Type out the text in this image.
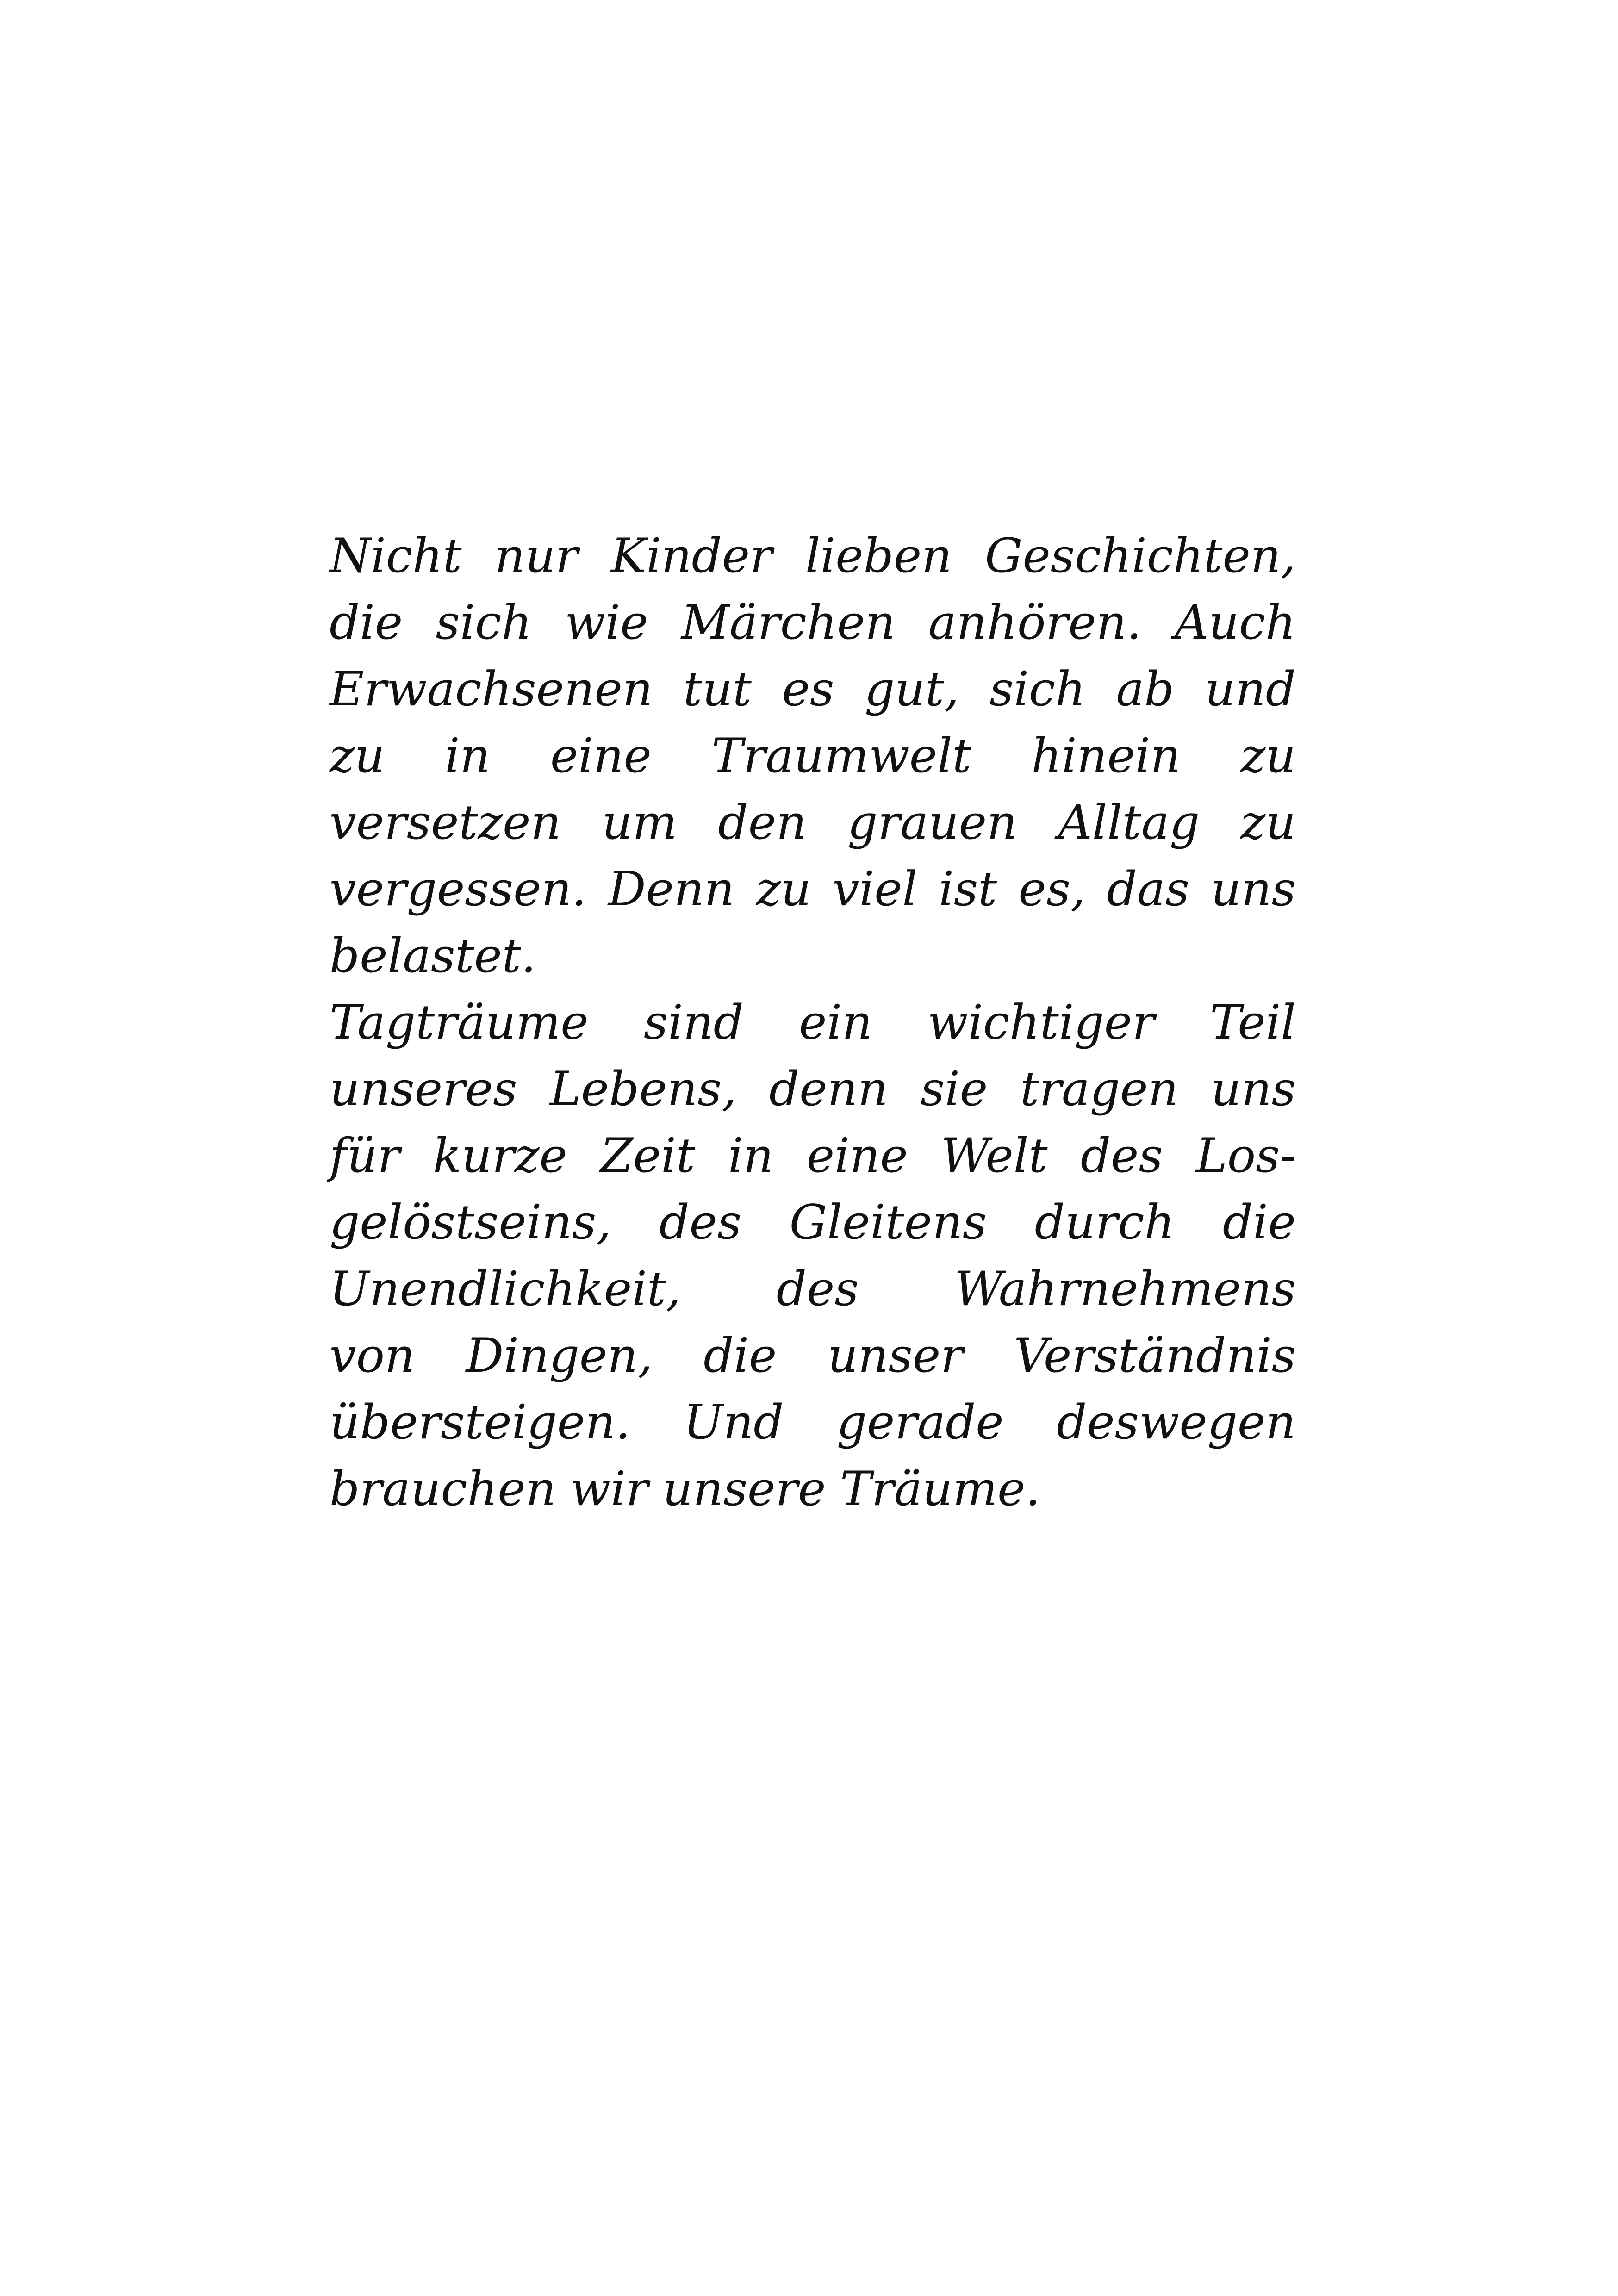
Nicht nur Kinder lieben Geschichten,
die sich wie Märchen anhören. Auch
Erwachsenen tut es gut, sich ab und
zu in eine Traumwelt hinein zu
versetzen um den grauen Alltag zu
vergessen. Denn zu viel ist es, das uns
belastet.
Tagträume sind ein wichtiger Teil
unseres Lebens, denn sie tragen uns
für kurze Zeit in eine Welt des Los-
gelöstseins, des Gleitens durch die
Unendlichkeit, des Wahrnehmens
von Dingen, die unser Verständnis
übersteigen. Und gerade deswegen
brauchen wir unsere Träume.
